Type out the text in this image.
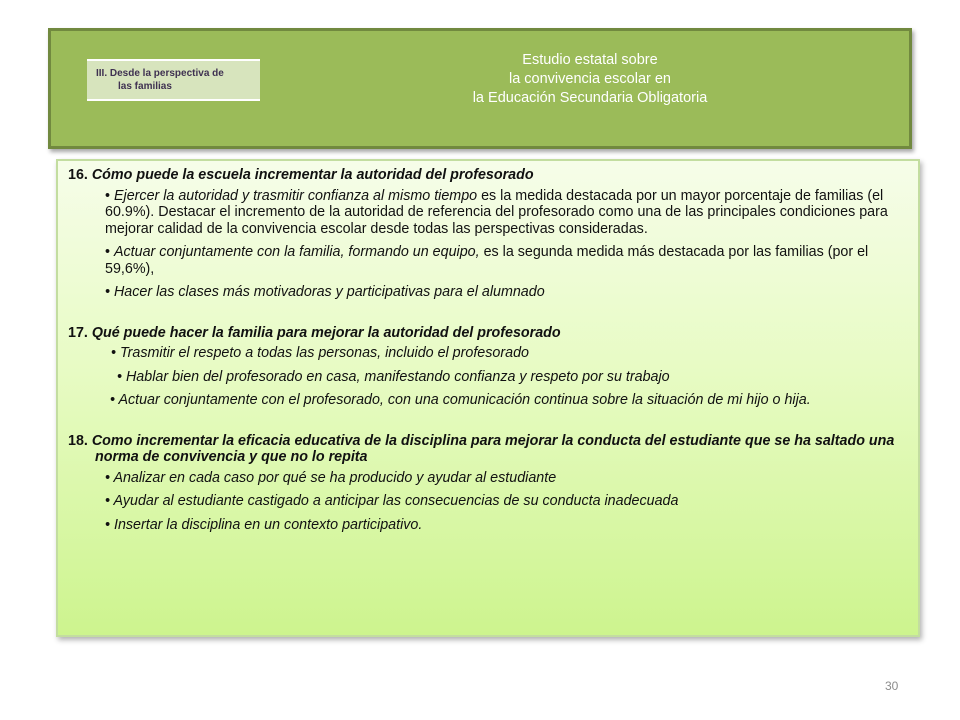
III. Desde la perspectiva de
las familias
Estudio estatal sobre
la convivencia escolar en
la Educación Secundaria Obligatoria
16. Cómo puede la escuela incrementar la autoridad del profesorado
• Ejercer la autoridad y trasmitir confianza al mismo tiempo es la medida destacada por un mayor porcentaje de familias (el 60.9%). Destacar el incremento de la autoridad de referencia del profesorado como una de las principales condiciones para mejorar calidad de la convivencia escolar desde todas las perspectivas consideradas.
• Actuar conjuntamente con la familia, formando un equipo, es la segunda medida más destacada por las familias (por el 59,6%),
• Hacer las clases más motivadoras y participativas para el alumnado
17. Qué puede hacer la familia para mejorar la autoridad del profesorado
• Trasmitir el respeto a todas las personas, incluido el profesorado
• Hablar bien del profesorado en casa, manifestando confianza y respeto por su trabajo
• Actuar conjuntamente con el profesorado, con una comunicación continua sobre la situación de mi hijo o hija.
18. Como incrementar la eficacia educativa de la disciplina para mejorar la conducta del estudiante que se ha saltado una norma de convivencia y que no lo repita
• Analizar en cada caso por qué se ha producido y ayudar al estudiante
• Ayudar al estudiante castigado a anticipar las consecuencias de su conducta inadecuada
• Insertar la disciplina en un contexto participativo.
30
